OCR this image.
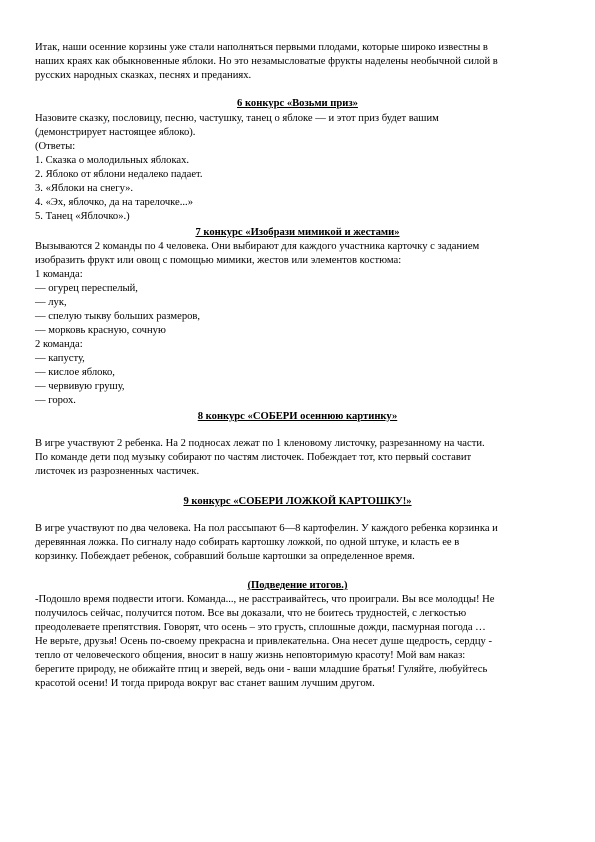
Итак, наши осенние корзины уже стали наполняться первыми плодами, которые широко известны в
наших краях как обыкновенные яблоки. Но это незамысловатые фрукты наделены необычной силой в
русских народных сказках, песнях и преданиях.
6 конкурс «Возьми приз»
Назовите сказку, пословицу, песню, частушку, танец о яблоке — и этот приз будет вашим
(демонстрирует настоящее яблоко).
(Ответы:
1. Сказка о молодильных яблоках.
2. Яблоко от яблони недалеко падает.
3. «Яблоки на снегу».
4. «Эх, яблочко, да на тарелочке...»
5. Танец «Яблочко».)
7 конкурс «Изобрази мимикой и жестами»
Вызываются 2 команды по 4 человека. Они выбирают для каждого участника карточку с заданием
изобразить фрукт или овощ с помощью мимики, жестов или элементов костюма:
1 команда:
— огурец переспелый,
— лук,
— спелую тыкву больших размеров,
— морковь красную, сочную
2 команда:
— капусту,
— кислое яблоко,
— червивую грушу,
— горох.
8 конкурс «СОБЕРИ осеннюю картинку»
В игре участвуют 2 ребенка. На 2 подносах лежат по 1 кленовому листочку, разрезанному на части.
По команде дети под музыку собирают по частям листочек. Побеждает тот, кто первый составит
листочек из разрозненных частичек.
9 конкурс «СОБЕРИ ЛОЖКОЙ КАРТОШКУ!»
В игре участвуют по два человека. На пол рассыпают 6—8 картофелин. У каждого ребенка корзинка и
деревянная ложка. По сигналу надо собирать картошку ложкой, по одной штуке, и класть ее в
корзинку. Побеждает ребенок, собравший больше картошки за определенное время.
(Подведение итогов.)
-Подошло время подвести итоги. Команда..., не расстраивайтесь, что проиграли. Вы все молодцы! Не
получилось сейчас, получится потом. Все вы доказали, что не боитесь трудностей, с легкостью
преодолеваете препятствия. Говорят, что осень – это грусть, сплошные дожди, пасмурная погода …
Не верьте, друзья! Осень по-своему прекрасна и привлекательна. Она несет душе щедрость, сердцу -
тепло от человеческого общения, вносит в нашу жизнь неповторимую красоту! Мой вам наказ:
берегите природу, не обижайте птиц и зверей, ведь они - ваши младшие братья! Гуляйте, любуйтесь
красотой осени! И тогда природа вокруг вас станет вашим лучшим другом.
